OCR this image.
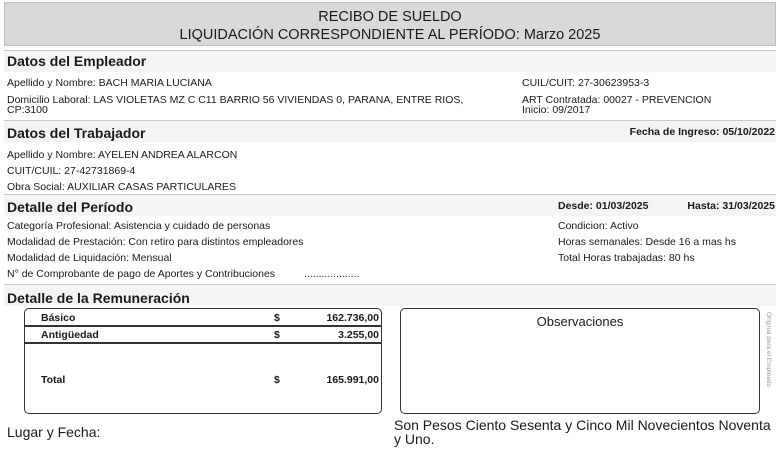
RECIBO DE SUELDO
LIQUIDACIÓN CORRESPONDIENTE AL PERÍODO: Marzo 2025
Datos del Empleador
Apellido y Nombre: BACH MARIA LUCIANA
Domicilio Laboral: LAS VIOLETAS MZ C C11 BARRIO 56 VIVIENDAS 0, PARANA, ENTRE RIOS,
CP:3100
CUIL/CUIT: 27-30623953-3
ART Contratada: 00027 - PREVENCION
Inicio: 09/2017
Datos del Trabajador	Fecha de Ingreso: 05/10/2022
Apellido y Nombre: AYELEN ANDREA ALARCON
CUIT/CUIL: 27-42731869-4
Obra Social: AUXILIAR CASAS PARTICULARES
Detalle del Período	Desde: 01/03/2025	Hasta: 31/03/2025
Categoría Profesional: Asistencia y cuidado de personas
Modalidad de Prestación: Con retiro para distintos empleadores
Modalidad de Liquidación: Mensual
N° de Comprobante de pago de Aportes y Contribuciones	...................
Condicion: Activo
Horas semanales: Desde 16 a mas hs
Total Horas trabajadas: 80 hs
Detalle de la Remuneración
Básico	$	162.736,00
Antigüedad	$	3.255,00
Total	$	165.991,00
Observaciones	Original para el Empleado
Lugar y Fecha:	Son Pesos Ciento Sesenta y Cinco Mil Novecientos Noventa
y Uno.
